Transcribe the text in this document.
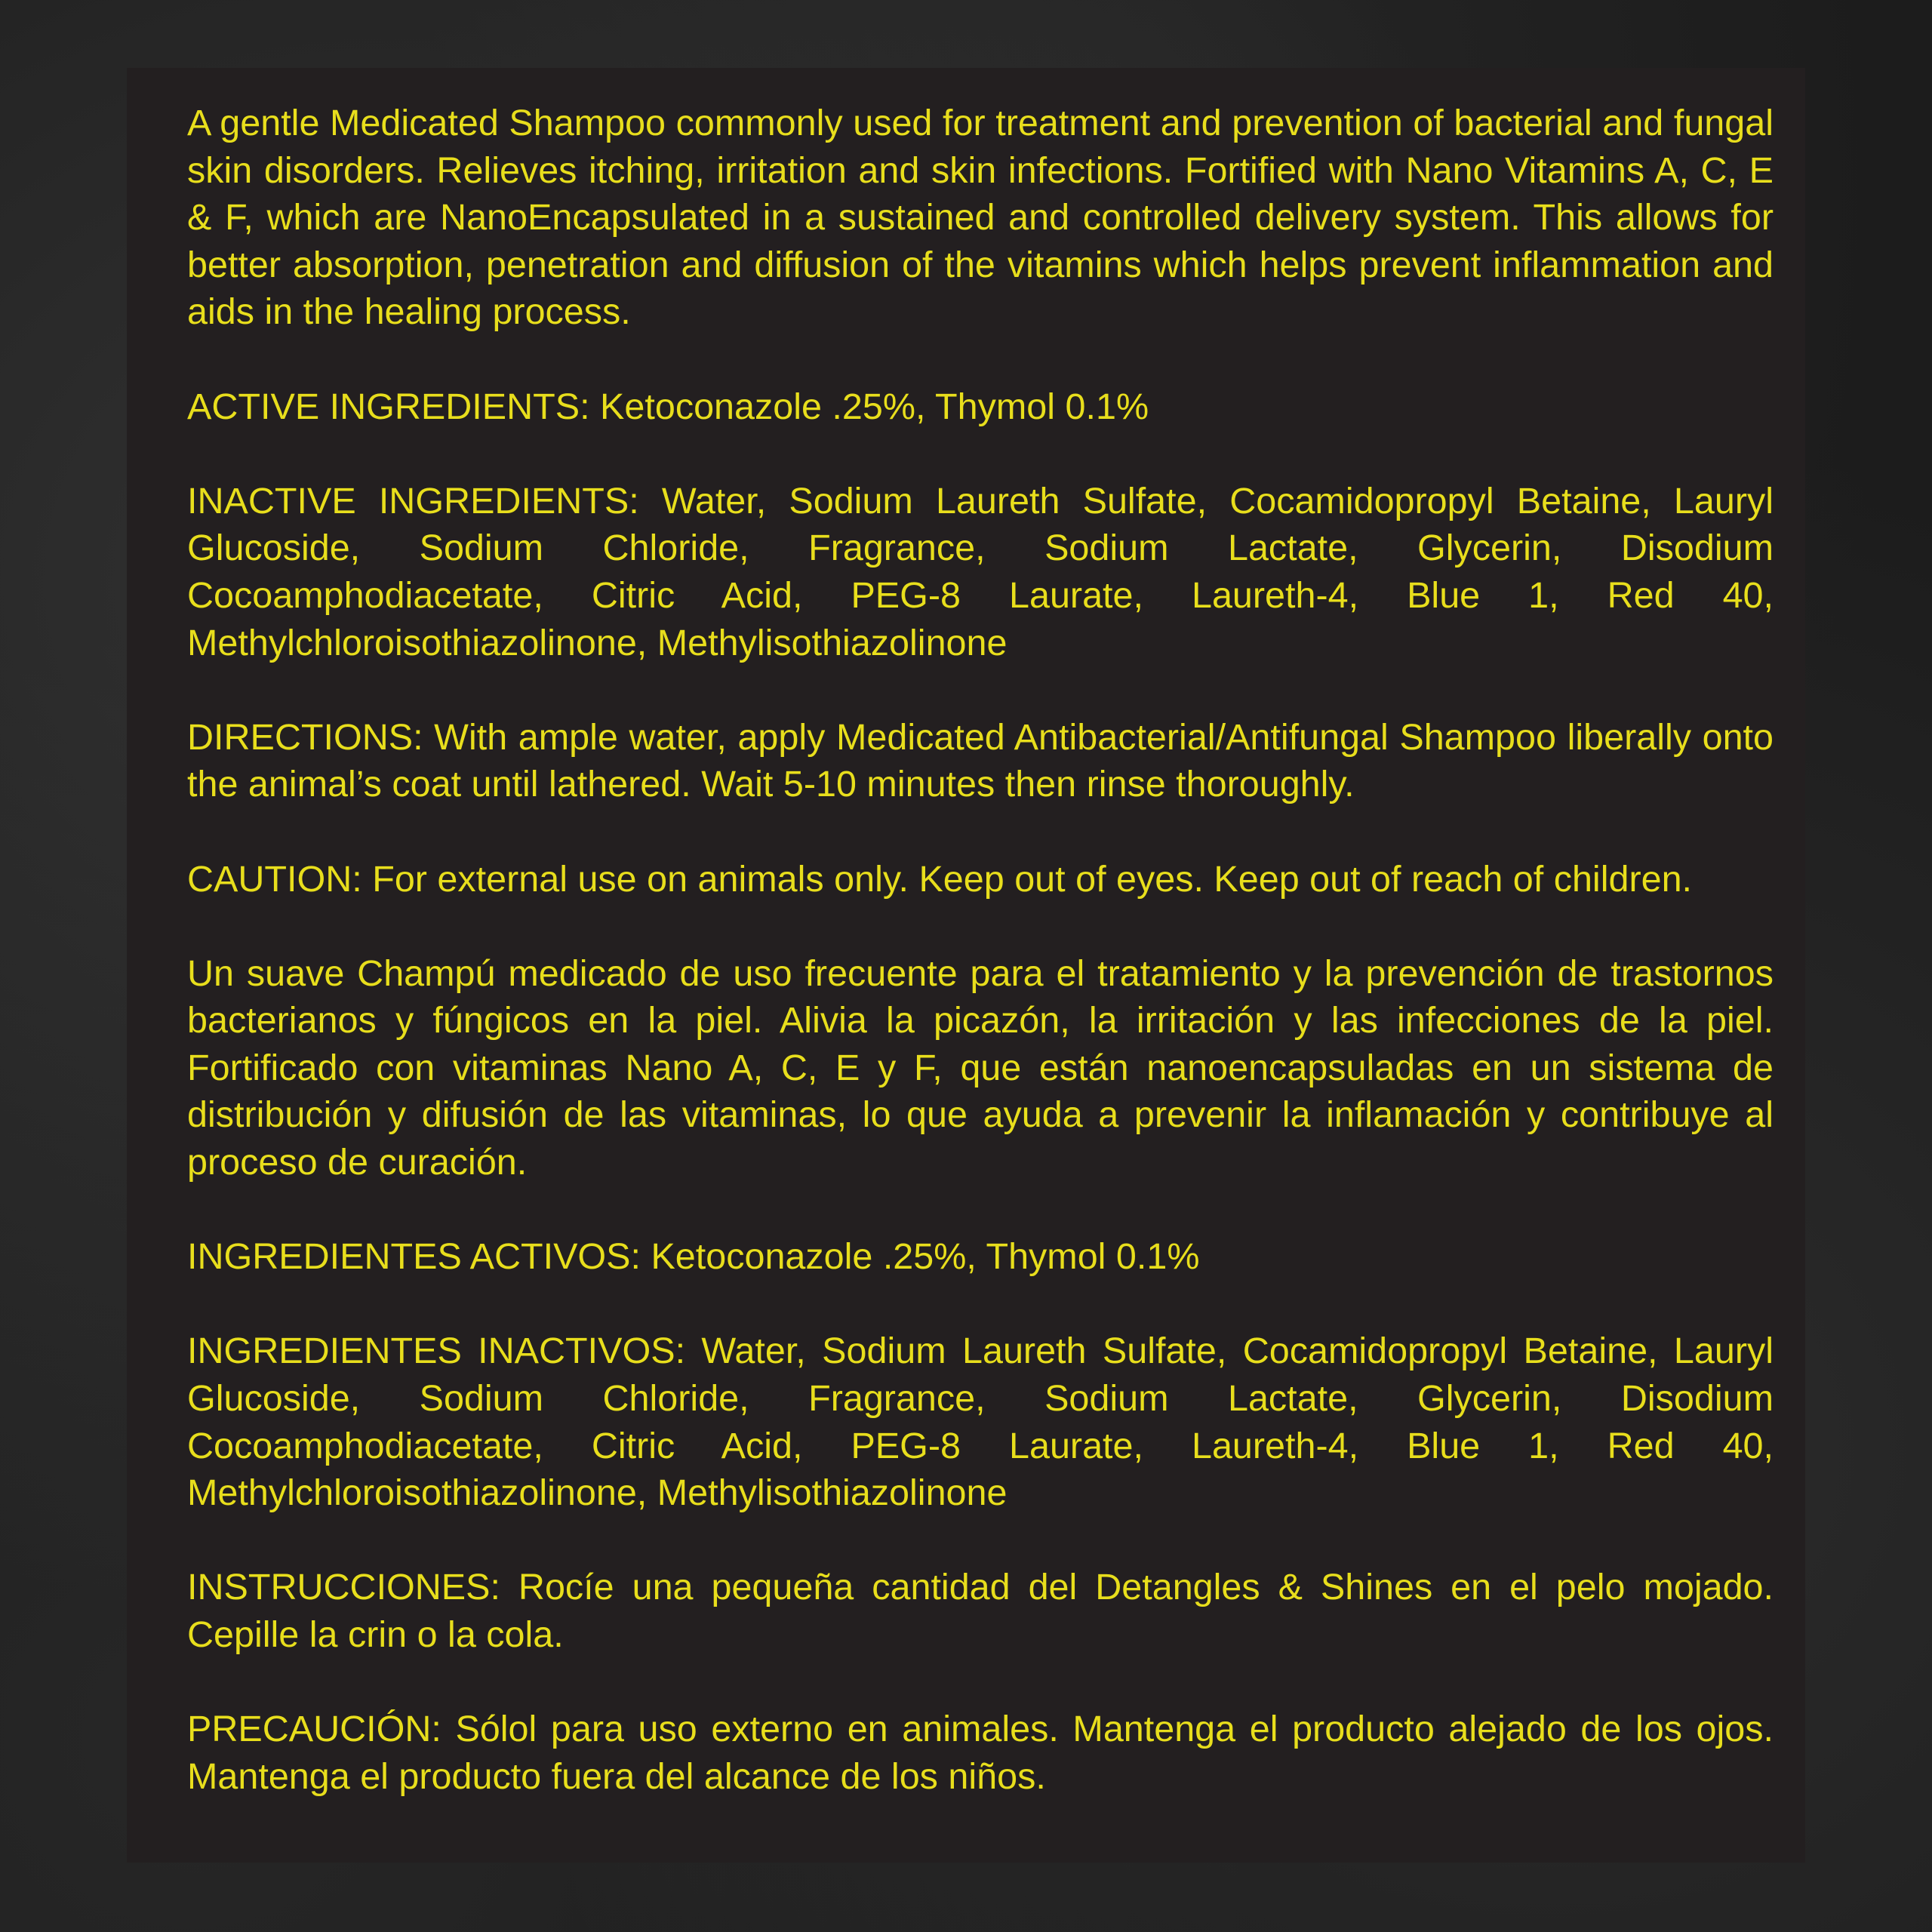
A gentle Medicated Shampoo commonly used for treatment and prevention of bacterial and fungal skin disorders. Relieves itching, irritation and skin infections. Fortified with Nano Vitamins A, C, E & F, which are NanoEncapsulated in a sustained and controlled delivery system. This allows for better absorption, penetration and diffusion of the vitamins which helps prevent inflammation and aids in the healing process.

ACTIVE INGREDIENTS: Ketoconazole .25%, Thymol 0.1%

INACTIVE INGREDIENTS: Water, Sodium Laureth Sulfate, Cocamidopropyl Betaine, Lauryl Glucoside, Sodium Chloride, Fragrance, Sodium Lactate, Glycerin, Disodium Cocoamphodiacetate, Citric Acid, PEG-8 Laurate, Laureth-4, Blue 1, Red 40, Methylchloroisothiazolinone, Methylisothiazolinone

DIRECTIONS: With ample water, apply Medicated Antibacterial/Antifungal Shampoo liberally onto the animal’s coat until lathered. Wait 5-10 minutes then rinse thoroughly.

CAUTION: For external use on animals only. Keep out of eyes. Keep out of reach of children.

Un suave Champú medicado de uso frecuente para el tratamiento y la prevención de trastornos bacterianos y fúngicos en la piel. Alivia la picazón, la irritación y las infecciones de la piel. Fortificado con vitaminas Nano A, C, E y F, que están nanoencapsuladas en un sistema de distribución y difusión de las vitaminas, lo que ayuda a prevenir la inflamación y contribuye al proceso de curación.

INGREDIENTES ACTIVOS: Ketoconazole .25%, Thymol 0.1%

INGREDIENTES INACTIVOS: Water, Sodium Laureth Sulfate, Cocamidopropyl Betaine, Lauryl Glucoside, Sodium Chloride, Fragrance, Sodium Lactate, Glycerin, Disodium Cocoamphodiacetate, Citric Acid, PEG-8 Laurate, Laureth-4, Blue 1, Red 40, Methylchloroisothiazolinone, Methylisothiazolinone

INSTRUCCIONES: Rocíe una pequeña cantidad del Detangles & Shines en el pelo mojado. Cepille la crin o la cola.

PRECAUCIÓN: Sólol para uso externo en animales. Mantenga el producto alejado de los ojos. Mantenga el producto fuera del alcance de los niños.
